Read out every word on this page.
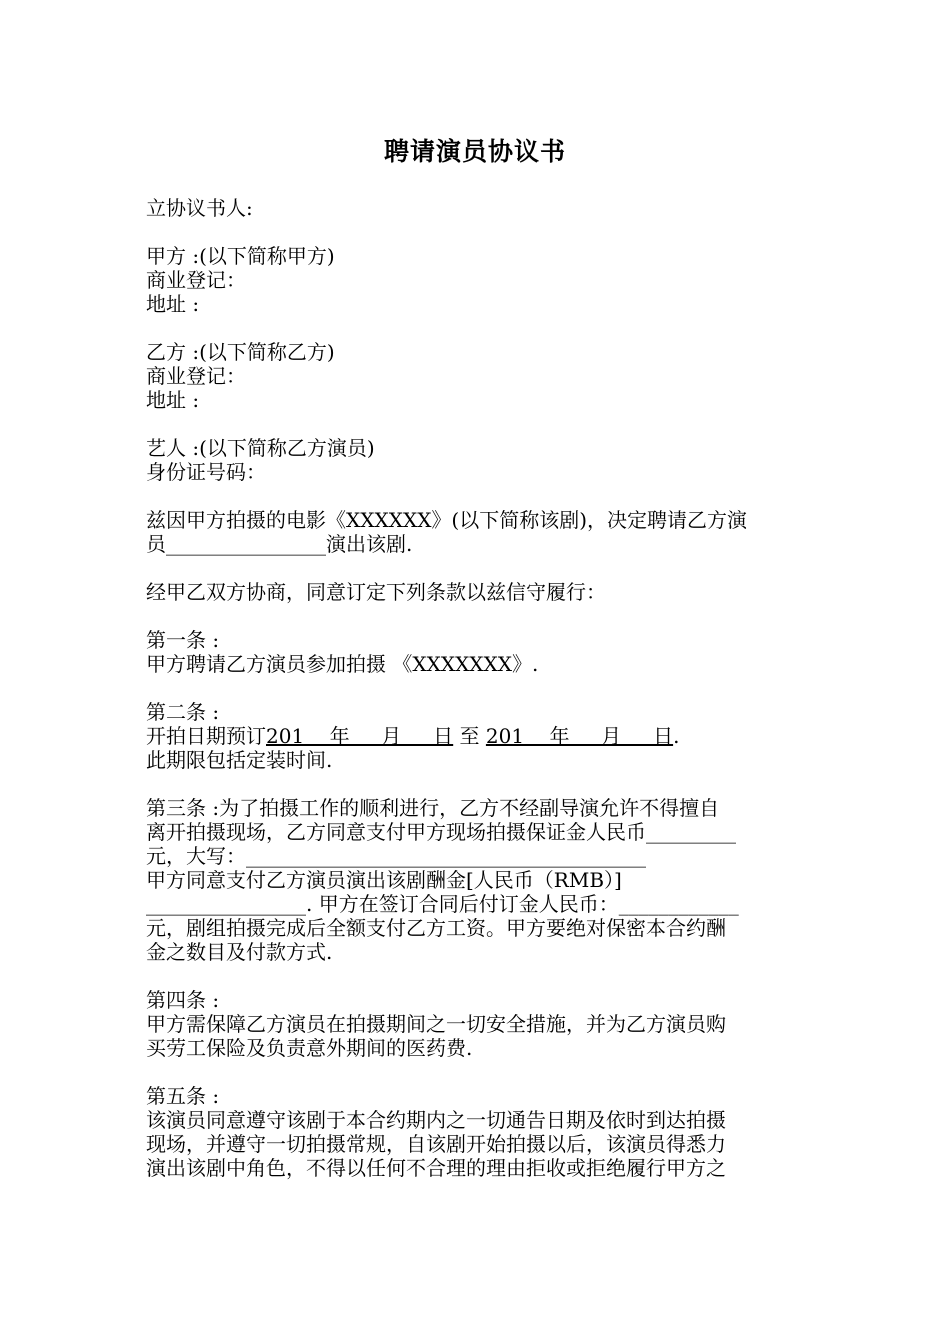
聘请演员协议书
立协议书人:
甲方 :(以下简称甲方)
商业登记：
地址 :
乙方 :(以下简称乙方)
商业登记：
地址 :
艺人 :(以下简称乙方演员)
身份证号码：
兹因甲方拍摄的电影《XXXXXX》(以下简称该剧)，决定聘请乙方演
员________________演出该剧.
经甲乙双方协商，同意订定下列条款以兹信守履行：
第一条 :
甲方聘请乙方演员参加拍摄 《XXXXXXX》.
第二条 :
开拍日期预订201    年     月     日 至 201    年     月     日.
此期限包括定装时间.
第三条 :为了拍摄工作的顺利进行，乙方不经副导演允许不得擅自
离开拍摄现场，乙方同意支付甲方现场拍摄保证金人民币_________
元，大写：________________________________________
甲方同意支付乙方演员演出该剧酬金[人民币（RMB）]
________________. 甲方在签订合同后付订金人民币：____________
元，剧组拍摄完成后全额支付乙方工资。甲方要绝对保密本合约酬
金之数目及付款方式.
第四条 :
甲方需保障乙方演员在拍摄期间之一切安全措施，并为乙方演员购
买劳工保险及负责意外期间的医药费.
第五条 :
该演员同意遵守该剧于本合约期内之一切通告日期及依时到达拍摄
现场，并遵守一切拍摄常规，自该剧开始拍摄以后，该演员得悉力
演出该剧中角色，不得以任何不合理的理由拒收或拒绝履行甲方之
